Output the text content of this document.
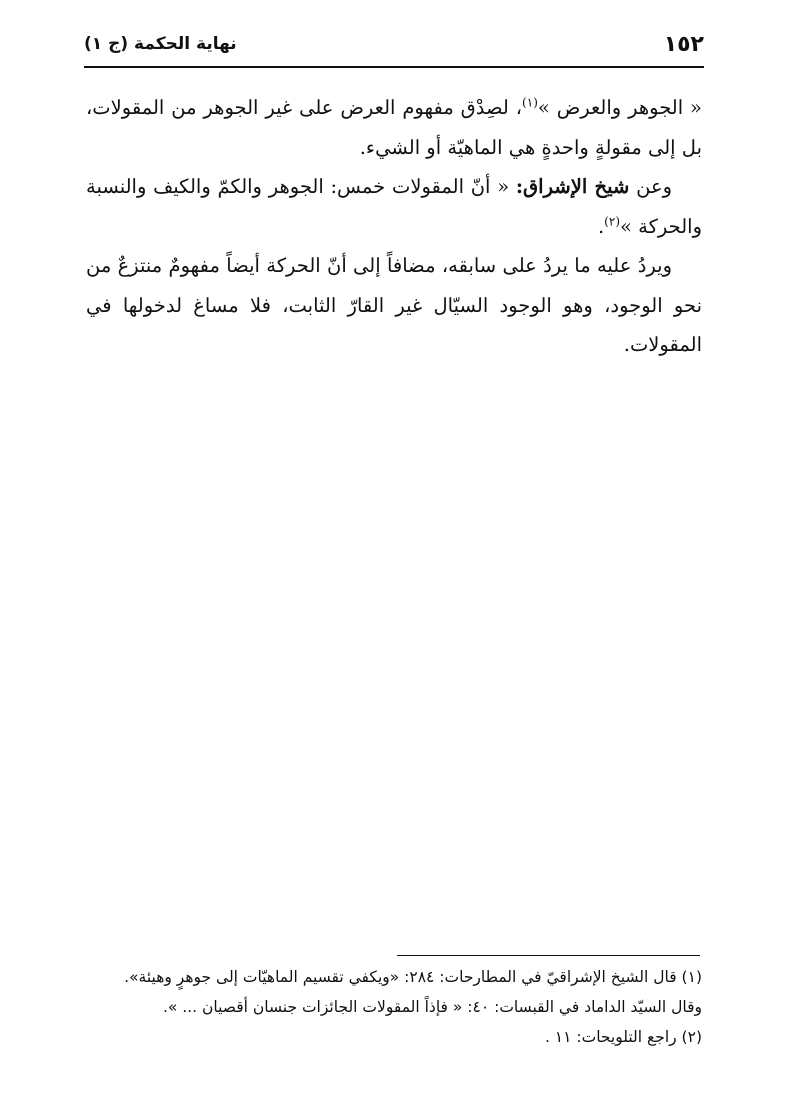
١٥٢
نهاية الحكمة (ج ١)

« الجوهر والعرض »$^{(١)}$، لصِدْق مفهوم العرض على غير الجوهر من المقولات، بل إلى مقولةٍ واحدةٍ هي الماهيّة أو الشيء.

وعن شيخ الإشراق: « أنّ المقولات خمس: الجوهر والكمّ والكيف والنسبة والحركة »$^{(٢)}$.

ويردُ عليه ما يردُ على سابقه، مضافاً إلى أنّ الحركة أيضاً مفهومٌ منتزعٌ من نحو الوجود، وهو الوجود السيّال غير القارّ الثابت، فلا مساغ لدخولها في المقولات.

(١) قال الشيخ الإشراقيّ في المطارحات: ٢٨٤: «ويكفي تقسيم الماهيّات إلى جوهرٍ وهيئة».

وقال السيّد الداماد في القبسات: ٤٠: « فإذاً المقولات الجائزات جنسان أقصيان ... ».

(٢) راجع التلويحات: ١١ .
